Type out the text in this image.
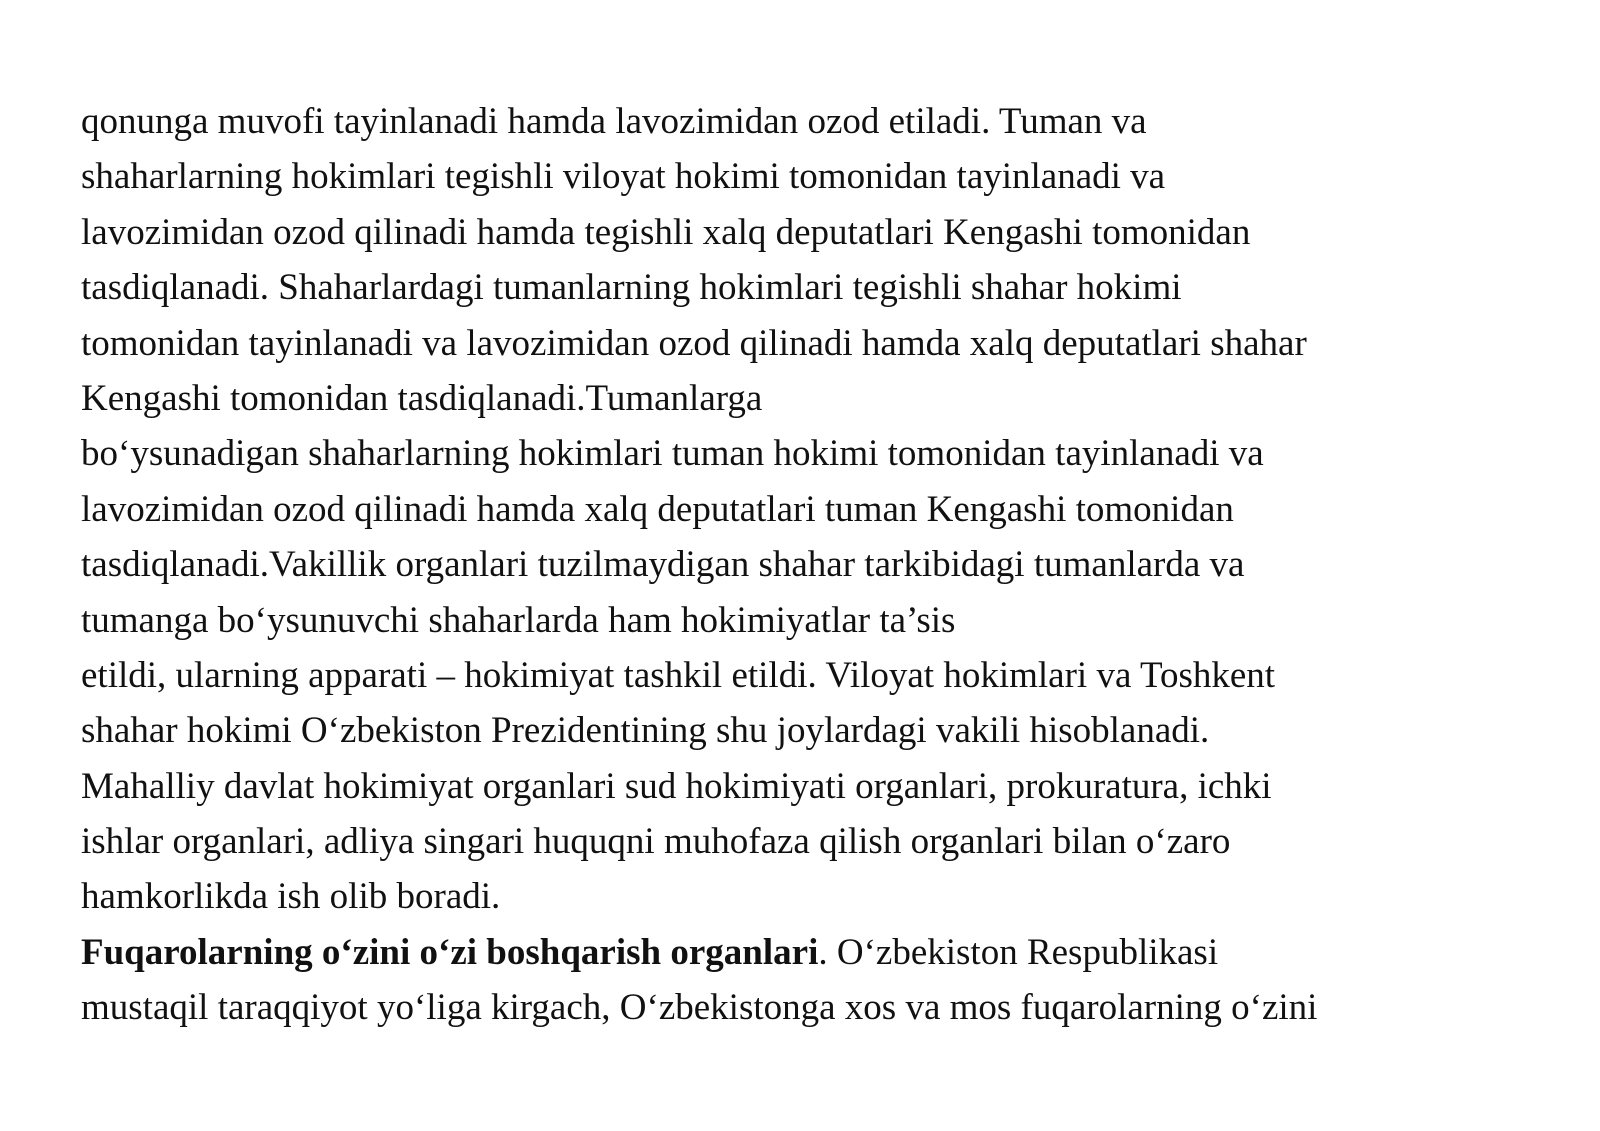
qonunga muvofi tayinlanadi hamda lavozimidan ozod etiladi. Tuman va
shaharlarning hokimlari tegishli viloyat hokimi tomonidan tayinlanadi va
lavozimidan ozod qilinadi hamda tegishli xalq deputatlari Kengashi tomonidan
tasdiqlanadi. Shaharlardagi tumanlarning hokimlari tegishli shahar hokimi
tomonidan tayinlanadi va lavozimidan ozod qilinadi hamda xalq deputatlari shahar
Kengashi tomonidan tasdiqlanadi.Tumanlarga
bo‘ysunadigan shaharlarning hokimlari tuman hokimi tomonidan tayinlanadi va
lavozimidan ozod qilinadi hamda xalq deputatlari tuman Kengashi tomonidan
tasdiqlanadi.Vakillik organlari tuzilmaydigan shahar tarkibidagi tumanlarda va
tumanga bo‘ysunuvchi shaharlarda ham hokimiyatlar ta’sis
etildi, ularning apparati – hokimiyat tashkil etildi. Viloyat hokimlari va Toshkent
shahar hokimi O‘zbekiston Prezidentining shu joylardagi vakili hisoblanadi.
Mahalliy davlat hokimiyat organlari sud hokimiyati organlari, prokuratura, ichki
ishlar organlari, adliya singari huquqni muhofaza qilish organlari bilan o‘zaro
hamkorlikda ish olib boradi.
Fuqarolarning o‘zini o‘zi boshqarish organlari. O‘zbekiston Respublikasi
mustaqil taraqqiyot yo‘liga kirgach, O‘zbekistonga xos va mos fuqarolarning o‘zini
